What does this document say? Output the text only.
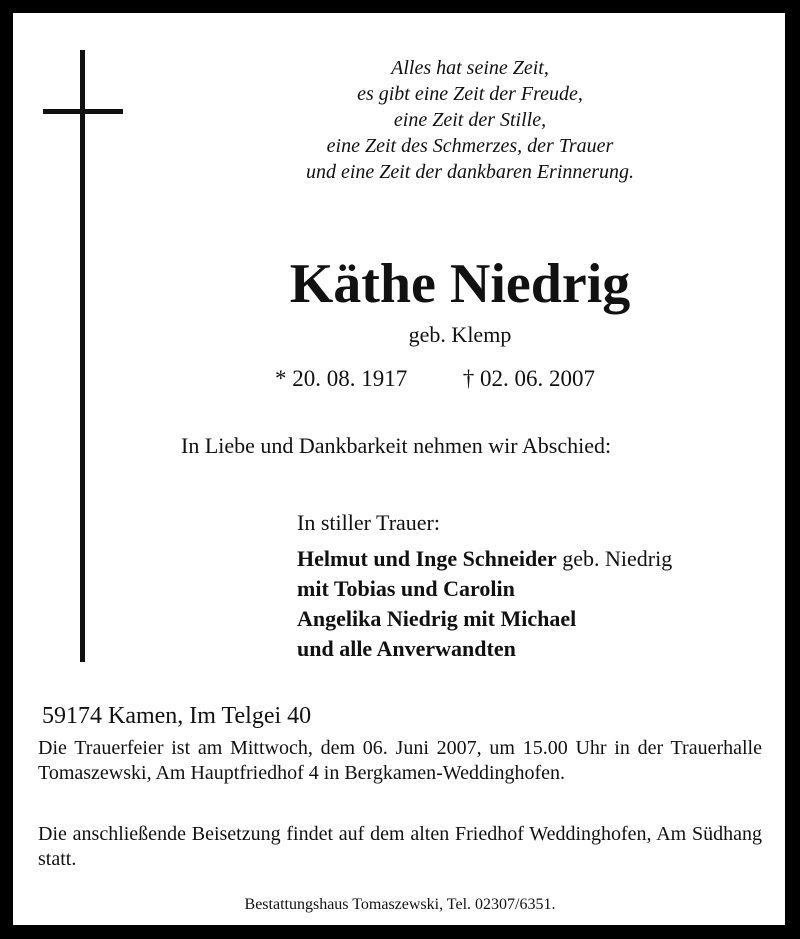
Alles hat seine Zeit,
es gibt eine Zeit der Freude,
eine Zeit der Stille,
eine Zeit des Schmerzes, der Trauer
und eine Zeit der dankbaren Erinnerung.
Käthe Niedrig
geb. Klemp
* 20. 08. 1917 † 02. 06. 2007
In Liebe und Dankbarkeit nehmen wir Abschied:
In stiller Trauer:
Helmut und Inge Schneider geb. Niedrig
mit Tobias und Carolin
Angelika Niedrig mit Michael
und alle Anverwandten
59174 Kamen, Im Telgei 40
Die Trauerfeier ist am Mittwoch, dem 06. Juni 2007, um 15.00 Uhr in der Trauerhalle Tomaszewski, Am Hauptfriedhof 4 in Bergkamen-Weddinghofen.
Die anschließende Beisetzung findet auf dem alten Friedhof Weddinghofen, Am Südhang statt.
Bestattungshaus Tomaszewski, Tel. 02307/6351.
